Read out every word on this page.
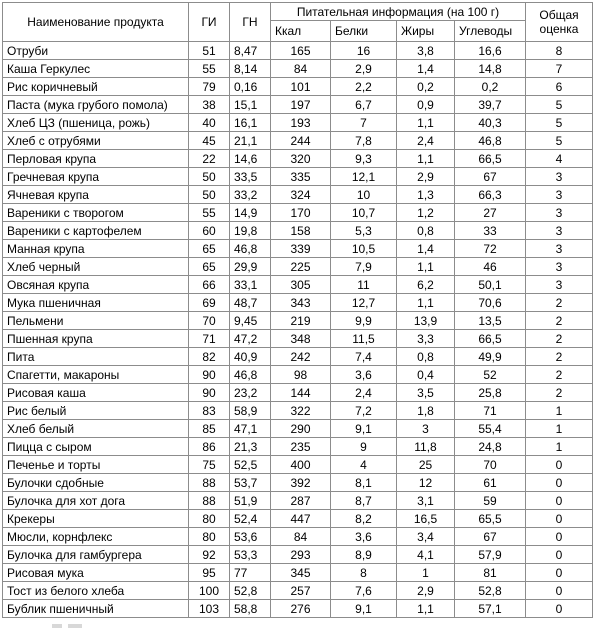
Наименование продукта	ГИ	ГН	Питательная информация (на 100 г)				Общая
оценка
			Ккал	Белки	Жиры	Углеводы	
Отруби	51	8,47	165	16	3,8	16,6	8
Каша Геркулес	55	8,14	84	2,9	1,4	14,8	7
Рис коричневый	79	0,16	101	2,2	0,2	0,2	6
Паста (мука грубого помола)	38	15,1	197	6,7	0,9	39,7	5
Хлеб ЦЗ (пшеница, рожь)	40	16,1	193	7	1,1	40,3	5
Хлеб с отрубями	45	21,1	244	7,8	2,4	46,8	5
Перловая крупа	22	14,6	320	9,3	1,1	66,5	4
Гречневая крупа	50	33,5	335	12,1	2,9	67	3
Ячневая крупа	50	33,2	324	10	1,3	66,3	3
Вареники с творогом	55	14,9	170	10,7	1,2	27	3
Вареники с картофелем	60	19,8	158	5,3	0,8	33	3
Манная крупа	65	46,8	339	10,5	1,4	72	3
Хлеб черный	65	29,9	225	7,9	1,1	46	3
Овсяная крупа	66	33,1	305	11	6,2	50,1	3
Мука пшеничная	69	48,7	343	12,7	1,1	70,6	2
Пельмени	70	9,45	219	9,9	13,9	13,5	2
Пшенная крупа	71	47,2	348	11,5	3,3	66,5	2
Пита	82	40,9	242	7,4	0,8	49,9	2
Спагетти, макароны	90	46,8	98	3,6	0,4	52	2
Рисовая каша	90	23,2	144	2,4	3,5	25,8	2
Рис белый	83	58,9	322	7,2	1,8	71	1
Хлеб белый	85	47,1	290	9,1	3	55,4	1
Пицца с сыром	86	21,3	235	9	11,8	24,8	1
Печенье и торты	75	52,5	400	4	25	70	0
Булочки сдобные	88	53,7	392	8,1	12	61	0
Булочка для хот дога	88	51,9	287	8,7	3,1	59	0
Крекеры	80	52,4	447	8,2	16,5	65,5	0
Мюсли, корнфлекс	80	53,6	84	3,6	3,4	67	0
Булочка для гамбургера	92	53,3	293	8,9	4,1	57,9	0
Рисовая мука	95	77	345	8	1	81	0
Тост из белого хлеба	100	52,8	257	7,6	2,9	52,8	0
Бублик пшеничный	103	58,8	276	9,1	1,1	57,1	0
